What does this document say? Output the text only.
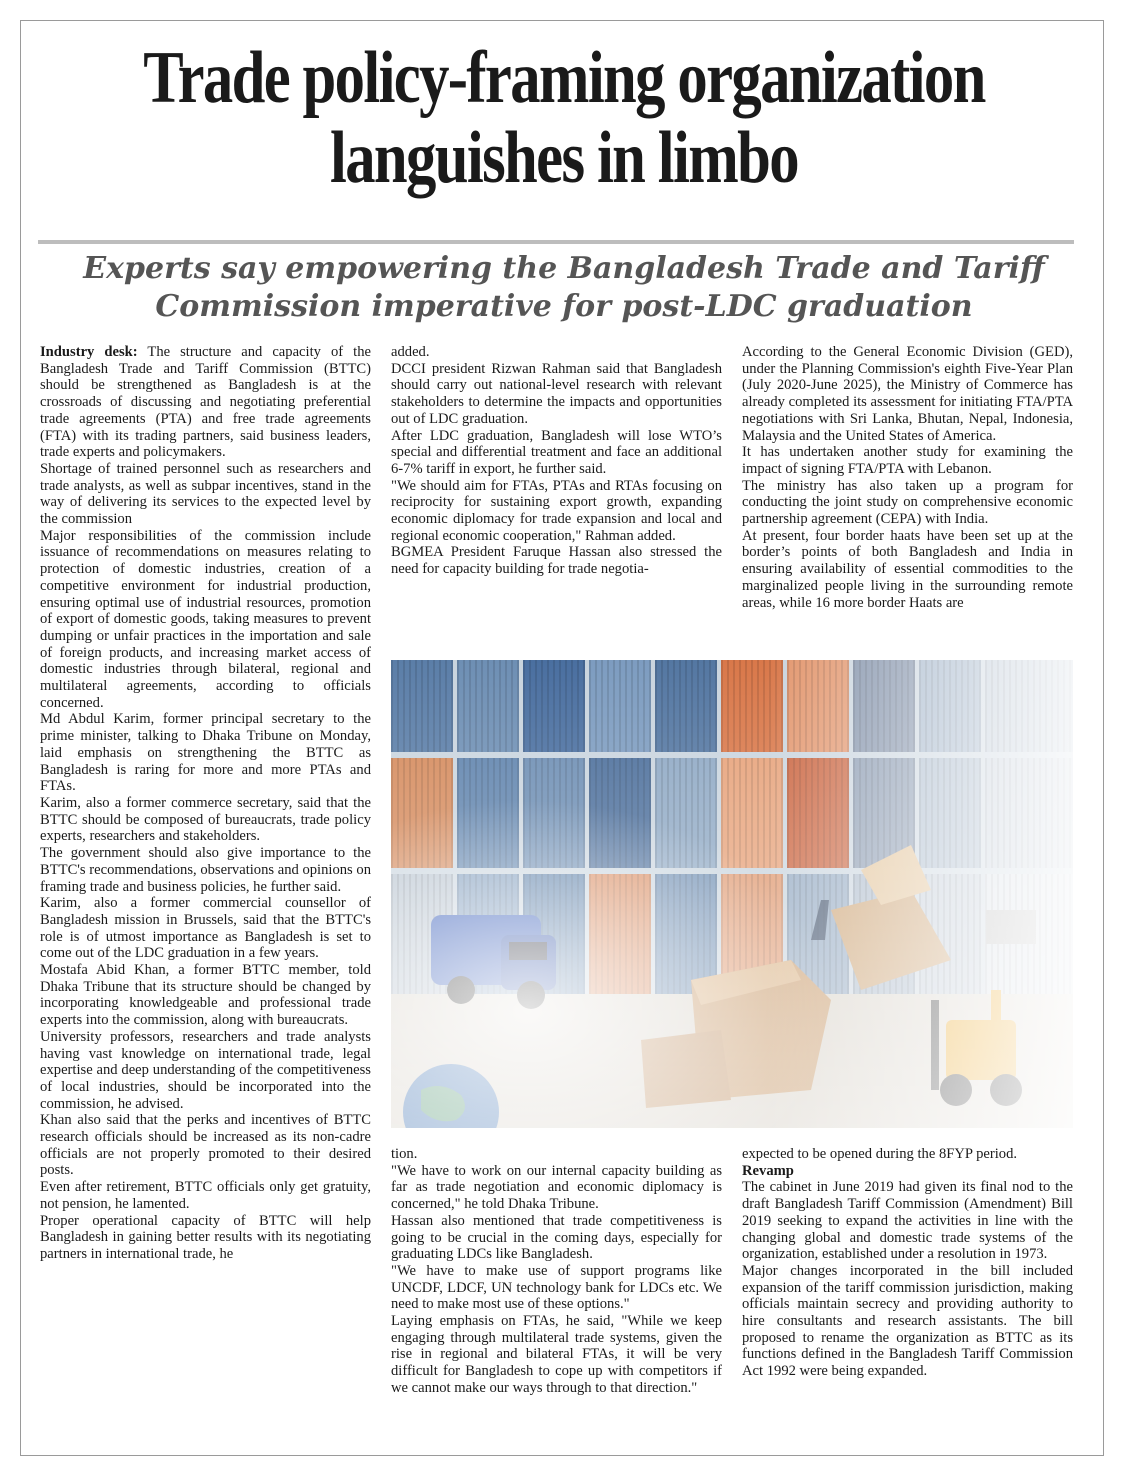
Trade policy-framing organization languishes in limbo
Experts say empowering the Bangladesh Trade and Tariff Commission imperative for post-LDC graduation

Industry desk: The structure and capacity of the Bangladesh Trade and Tariff Commission (BTTC) should be strengthened as Bangladesh is at the crossroads of discussing and negotiating preferential trade agreements (PTA) and free trade agreements (FTA) with its trading partners, said business leaders, trade experts and policymakers.

Shortage of trained personnel such as researchers and trade analysts, as well as subpar incentives, stand in the way of delivering its services to the expected level by the commission

Major responsibilities of the commission include issuance of recommendations on measures relating to protection of domestic industries, creation of a competitive environment for industrial production, ensuring optimal use of industrial resources, promotion of export of domestic goods, taking measures to prevent dumping or unfair practices in the importation and sale of foreign products, and increasing market access of domestic industries through bilateral, regional and multilateral agreements, according to officials concerned.

Md Abdul Karim, former principal secretary to the prime minister, talking to Dhaka Tribune on Monday, laid emphasis on strengthening the BTTC as Bangladesh is raring for more and more PTAs and FTAs.

Karim, also a former commerce secretary, said that the BTTC should be composed of bureaucrats, trade policy experts, researchers and stakeholders.

The government should also give importance to the BTTC's recommendations, observations and opinions on framing trade and business policies, he further said.

Karim, also a former commercial counsellor of Bangladesh mission in Brussels, said that the BTTC's role is of utmost importance as Bangladesh is set to come out of the LDC graduation in a few years.

Mostafa Abid Khan, a former BTTC member, told Dhaka Tribune that its structure should be changed by incorporating knowledgeable and professional trade experts into the commission, along with bureaucrats.

University professors, researchers and trade analysts having vast knowledge on international trade, legal expertise and deep understanding of the competitiveness of local industries, should be incorporated into the commission, he advised.

Khan also said that the perks and incentives of BTTC research officials should be increased as its non-cadre officials are not properly promoted to their desired posts.

Even after retirement, BTTC officials only get gratuity, not pension, he lamented.

Proper operational capacity of BTTC will help Bangladesh in gaining better results with its negotiating partners in international trade, he

added.

DCCI president Rizwan Rahman said that Bangladesh should carry out national-level research with relevant stakeholders to determine the impacts and opportunities out of LDC graduation.

After LDC graduation, Bangladesh will lose WTO’s special and differential treatment and face an additional 6-7% tariff in export, he further said.

"We should aim for FTAs, PTAs and RTAs focusing on reciprocity for sustaining export growth, expanding economic diplomacy for trade expansion and local and regional economic cooperation," Rahman added.

BGMEA President Faruque Hassan also stressed the need for capacity building for trade negotia-

According to the General Economic Division (GED), under the Planning Commission's eighth Five-Year Plan (July 2020-June 2025), the Ministry of Commerce has already completed its assessment for initiating FTA/PTA negotiations with Sri Lanka, Bhutan, Nepal, Indonesia, Malaysia and the United States of America.

It has undertaken another study for examining the impact of signing FTA/PTA with Lebanon.

The ministry has also taken up a program for conducting the joint study on comprehensive economic partnership agreement (CEPA) with India.

At present, four border haats have been set up at the border’s points of both Bangladesh and India in ensuring availability of essential commodities to the marginalized people living in the surrounding remote areas, while 16 more border Haats are

tion.

"We have to work on our internal capacity building as far as trade negotiation and economic diplomacy is concerned," he told Dhaka Tribune.

Hassan also mentioned that trade competitiveness is going to be crucial in the coming days, especially for graduating LDCs like Bangladesh.

"We have to make use of support programs like UNCDF, LDCF, UN technology bank for LDCs etc. We need to make most use of these options."

Laying emphasis on FTAs, he said, "While we keep engaging through multilateral trade systems, given the rise in regional and bilateral FTAs, it will be very difficult for Bangladesh to cope up with competitors if we cannot make our ways through to that direction."

expected to be opened during the 8FYP period.

Revamp

The cabinet in June 2019 had given its final nod to the draft Bangladesh Tariff Commission (Amendment) Bill 2019 seeking to expand the activities in line with the changing global and domestic trade systems of the organization, established under a resolution in 1973.

Major changes incorporated in the bill included expansion of the tariff commission jurisdiction, making officials maintain secrecy and providing authority to hire consultants and research assistants. The bill proposed to rename the organization as BTTC as its functions defined in the Bangladesh Tariff Commission Act 1992 were being expanded.
